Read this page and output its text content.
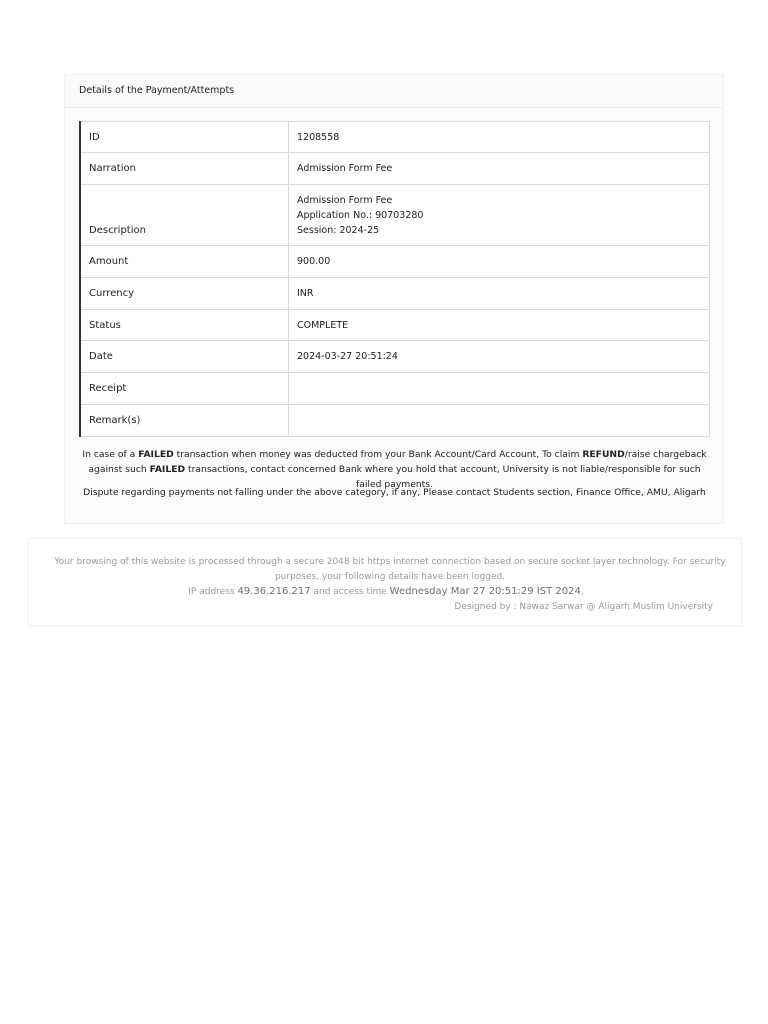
Details of the Payment/Attempts
ID	1208558
Narration	Admission Form Fee
Description	Admission Form Fee
Application No.: 90703280
Session: 2024-25

Amount	900.00
Currency	INR
Status	COMPLETE
Date	2024-03-27 20:51:24
Receipt	
Remark(s)	
In case of a FAILED transaction when money was deducted from your Bank Account/Card Account, To claim REFUND/raise chargeback against such FAILED transactions, contact concerned Bank where you hold that account, University is not liable/responsible for such failed payments.
Dispute regarding payments not falling under the above category, if any, Please contact Students section, Finance Office, AMU, Aligarh
Your browsing of this website is processed through a secure 2048 bit https internet connection based on secure socket layer technology. For security purposes, your following details have been logged.
IP address 49.36.216.217 and access time Wednesday Mar 27 20:51:29 IST 2024.
Designed by : Nawaz Sarwar @ Aligarh Muslim University
